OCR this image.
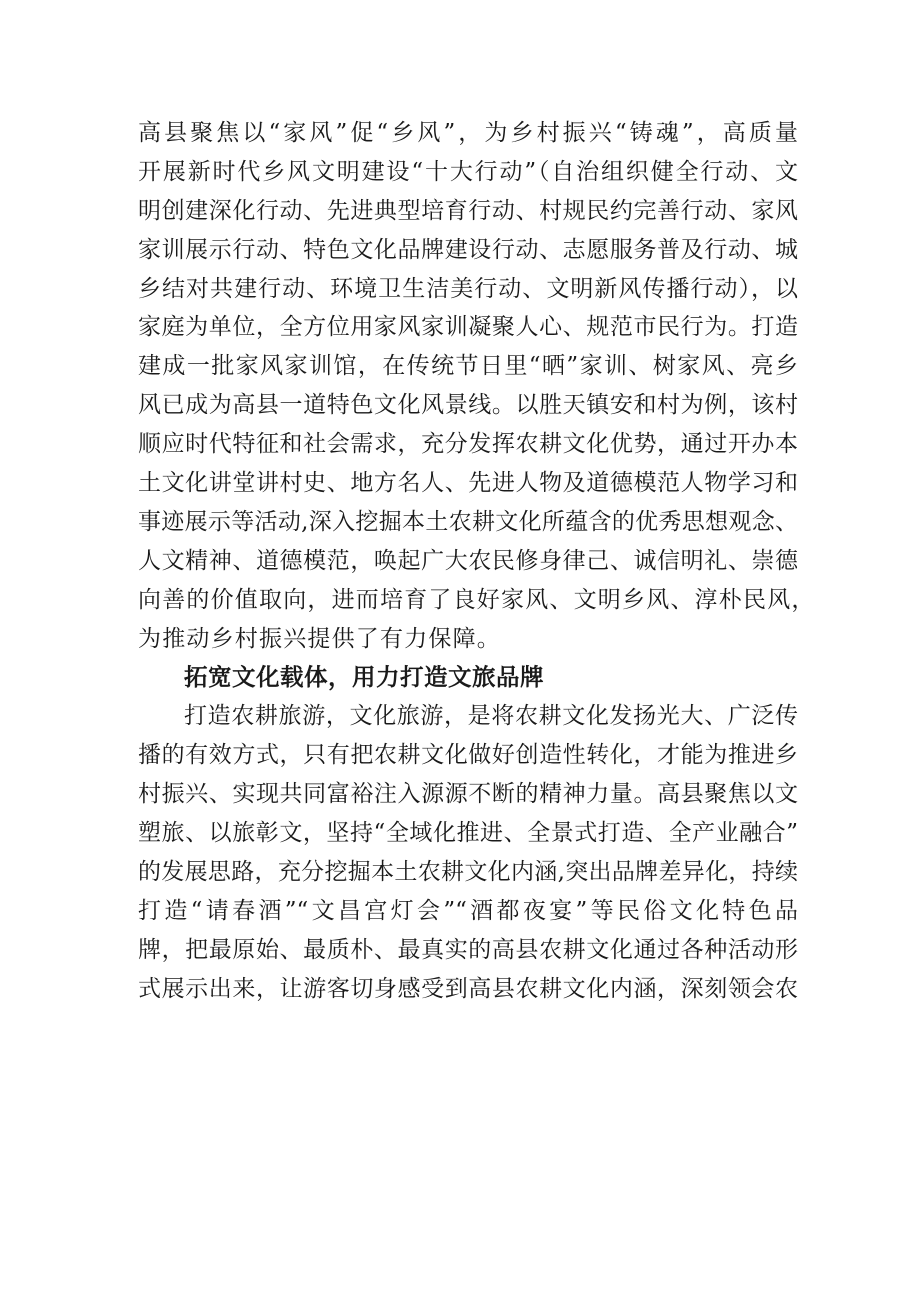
高县聚焦以“家风”促“乡风”，为乡村振兴“铸魂”，高质量
开展新时代乡风文明建设“十大行动”（自治组织健全行动、文
明创建深化行动、先进典型培育行动、村规民约完善行动、家风
家训展示行动、特色文化品牌建设行动、志愿服务普及行动、城
乡结对共建行动、环境卫生洁美行动、文明新风传播行动），以
家庭为单位，全方位用家风家训凝聚人心、规范市民行为。打造
建成一批家风家训馆，在传统节日里“晒”家训、树家风、亮乡
风已成为高县一道特色文化风景线。以胜天镇安和村为例，该村
顺应时代特征和社会需求，充分发挥农耕文化优势，通过开办本
土文化讲堂讲村史、地方名人、先进人物及道德模范人物学习和
事迹展示等活动,深入挖掘本土农耕文化所蕴含的优秀思想观念、
人文精神、道德模范，唤起广大农民修身律己、诚信明礼、崇德
向善的价值取向，进而培育了良好家风、文明乡风、淳朴民风，
为推动乡村振兴提供了有力保障。
拓宽文化载体，用力打造文旅品牌
打造农耕旅游，文化旅游，是将农耕文化发扬光大、广泛传
播的有效方式，只有把农耕文化做好创造性转化，才能为推进乡
村振兴、实现共同富裕注入源源不断的精神力量。高县聚焦以文
塑旅、以旅彰文，坚持“全域化推进、全景式打造、全产业融合”
的发展思路，充分挖掘本土农耕文化内涵,突出品牌差异化，持续
打造“请春酒”“文昌宫灯会”“酒都夜宴”等民俗文化特色品
牌，把最原始、最质朴、最真实的高县农耕文化通过各种活动形
式展示出来，让游客切身感受到高县农耕文化内涵，深刻领会农
